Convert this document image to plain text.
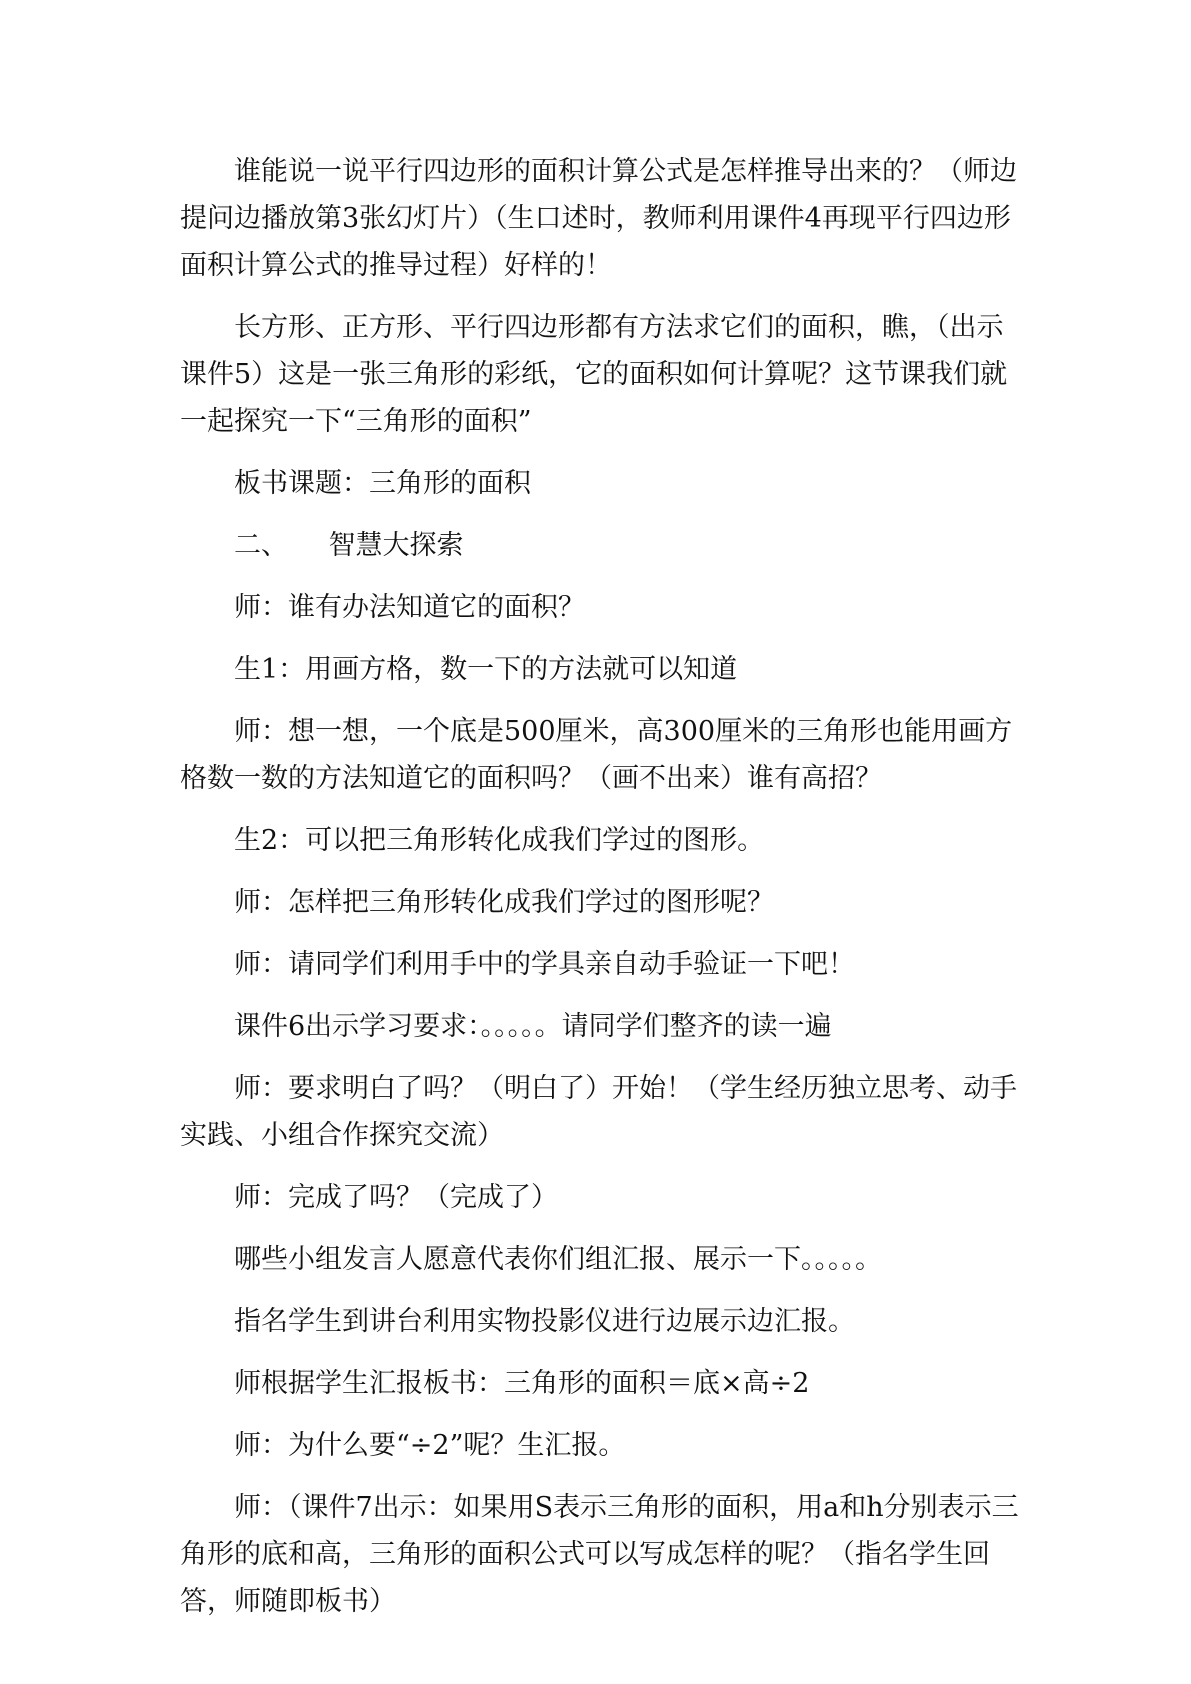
谁能说一说平行四边形的面积计算公式是怎样推导出来的？（师边提问边播放第3张幻灯片）（生口述时，教师利用课件4再现平行四边形面积计算公式的推导过程）好样的！

长方形、正方形、平行四边形都有方法求它们的面积，瞧，（出示课件5）这是一张三角形的彩纸，它的面积如何计算呢？这节课我们就一起探究一下“三角形的面积”

板书课题：三角形的面积

二、　　智慧大探索

师：谁有办法知道它的面积？

生1：用画方格，数一下的方法就可以知道

师：想一想，一个底是500厘米，高300厘米的三角形也能用画方格数一数的方法知道它的面积吗？（画不出来）谁有高招？

生2：可以把三角形转化成我们学过的图形。

师：怎样把三角形转化成我们学过的图形呢？

师：请同学们利用手中的学具亲自动手验证一下吧！

课件6出示学习要求：。。。。。请同学们整齐的读一遍

师：要求明白了吗？（明白了）开始！（学生经历独立思考、动手实践、小组合作探究交流）

师：完成了吗？（完成了）

哪些小组发言人愿意代表你们组汇报、展示一下。。。。。

指名学生到讲台利用实物投影仪进行边展示边汇报。

师根据学生汇报板书：三角形的面积＝底×高÷2

师：为什么要“÷2”呢？生汇报。

师：（课件7出示：如果用S表示三角形的面积，用a和h分别表示三角形的底和高，三角形的面积公式可以写成怎样的呢？（指名学生回答，师随即板书）
